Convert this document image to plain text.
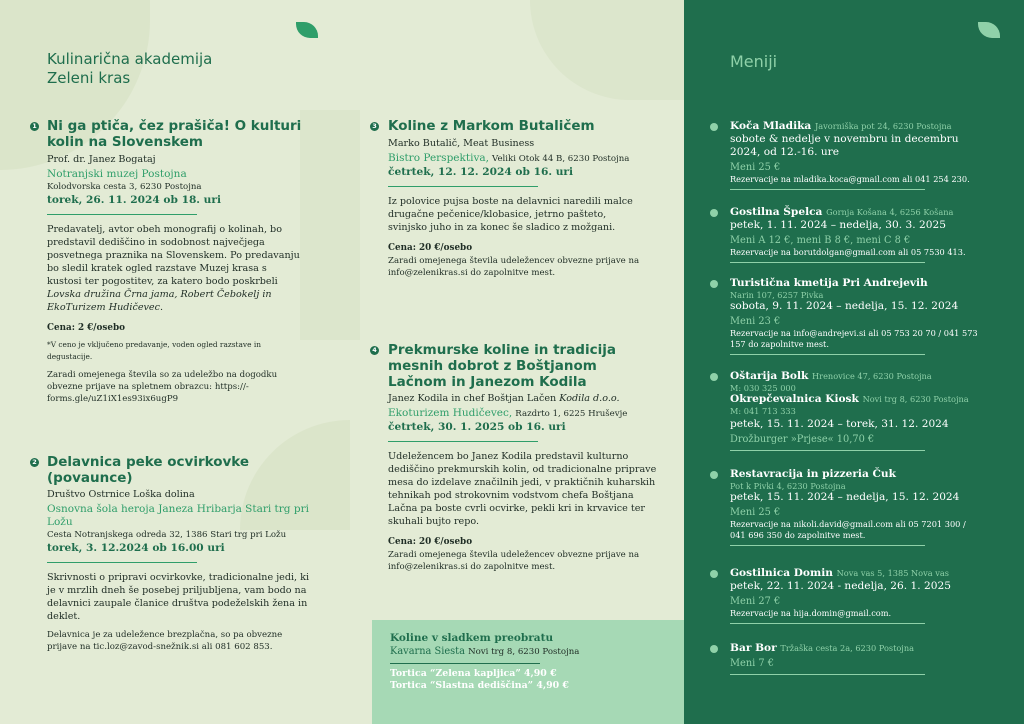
Kulinarična akademija
Zeleni kras
1 Ni ga ptiča, čez prašiča! O kulturi kolin na Slovenskem

Prof. dr. Janez Bogataj

Notranjski muzej Postojna

Kolodvorska cesta 3, 6230 Postojna

torek, 26. 11. 2024 ob 18. uri

Predavatelj, avtor obeh monografij o kolinah, bo predstavil dediščino in sodobnost največjega posvetnega praznika na Slovenskem. Po predavanju bo sledil kratek ogled razstave Muzej krasa s kustosi ter pogostitev, za katero bodo poskrbeli Lovska družina Črna jama, Robert Čebokelj in EkoTurizem Hudičevec.

Cena: 2 €/osebo

*V ceno je vključeno predavanje, voden ogled razstave in degustacije.

Zaradi omejenega števila so za udeležbo na dogodku obvezne prijave na spletnem obrazcu: https://-forms.gle/uZ1iX1es93ix6ugP9

2 Delavnica peke ocvirkovke (povaunce)

Društvo Ostrnice Loška dolina

Osnovna šola heroja Janeza Hribarja Stari trg pri Ložu

Cesta Notranjskega odreda 32, 1386 Stari trg pri Ložu

torek, 3. 12.2024 ob 16.00 uri

Skrivnosti o pripravi ocvirkovke, tradicionalne jedi, ki je v mrzlih dneh še posebej priljubljena, vam bodo na delavnici zaupale članice društva podeželskih žena in deklet.

Delavnica je za udeležence brezplačna, so pa obvezne prijave na tic.loz@zavod-snežnik.si ali 081 602 853.

3 Koline z Markom Butaličem

Marko Butalič, Meat Business

Bistro Perspektiva, Veliki Otok 44 B, 6230 Postojna

četrtek, 12. 12. 2024 ob 16. uri

Iz polovice pujsa boste na delavnici naredili malce drugačne pečenice/klobasice, jetrno pašteto, svinjsko juho in za konec še sladico z možgani.

Cena: 20 €/osebo

Zaradi omejenega števila udeležencev obvezne prijave na info@zelenikras.si do zapolnitve mest.

4 Prekmurske koline in tradicija mesnih dobrot z Boštjanom Lačnom in Janezom Kodila

Janez Kodila in chef Boštjan Lačen Kodila d.o.o.

Ekoturizem Hudičevec, Razdrto 1, 6225 Hruševje

četrtek, 30. 1. 2025 ob 16. uri

Udeležencem bo Janez Kodila predstavil kulturno dediščino prekmurskih kolin, od tradicionalne priprave mesa do izdelave značilnih jedi, v praktičnih kuharskih tehnikah pod strokovnim vodstvom chefa Boštjana Lačna pa boste cvrli ocvirke, pekli kri in krvavice ter skuhali bujto repo.

Cena: 20 €/osebo

Zaradi omejenega števila udeležencev obvezne prijave na info@zelenikras.si do zapolnitve mest.

Koline v sladkem preobratu
Kavarna Siesta Novi trg 8, 6230 Postojna
Tortica “Zelena kapljica” 4,90 €
Tortica “Slastna dediščina” 4,90 €
Meniji
Koča Mladika Javorniška pot 24, 6230 Postojna
sobote & nedelje v novembru in decembru 2024, od 12.-16. ure
Meni 25 €
Rezervacije na mladika.koca@gmail.com ali 041 254 230.
Gostilna Špelca Gornja Košana 4, 6256 Košana
petek, 1. 11. 2024 – nedelja, 30. 3. 2025
Meni A 12 €, meni B 8 €, meni C 8 €
Rezervacije na borutdolgan@gmail.com ali 05 7530 413.
Turistična kmetija Pri Andrejevih
Narin 107, 6257 Pivka
sobota, 9. 11. 2024 – nedelja, 15. 12. 2024
Meni 23 €
Rezervacije na info@andrejevi.si ali 05 753 20 70 / 041 573 157 do zapolnitve mest.
Oštarija Bolk Hrenovice 47, 6230 Postojna
M: 030 325 000
Okrepčevalnica Kiosk Novi trg 8, 6230 Postojna
M: 041 713 333
petek, 15. 11. 2024 – torek, 31. 12. 2024
Drožburger »Prjese« 10,70 €
Restavracija in pizzeria Čuk
Pot k Pivki 4, 6230 Postojna
petek, 15. 11. 2024 – nedelja, 15. 12. 2024
Meni 25 €
Rezervacije na nikoli.david@gmail.com ali 05 7201 300 / 041 696 350 do zapolnitve mest.
Gostilnica Domin Nova vas 5, 1385 Nova vas
petek, 22. 11. 2024 - nedelja, 26. 1. 2025
Meni 27 €
Rezervacije na hija.domin@gmail.com.
Bar Bor Tržaška cesta 2a, 6230 Postojna
Meni 7 €
